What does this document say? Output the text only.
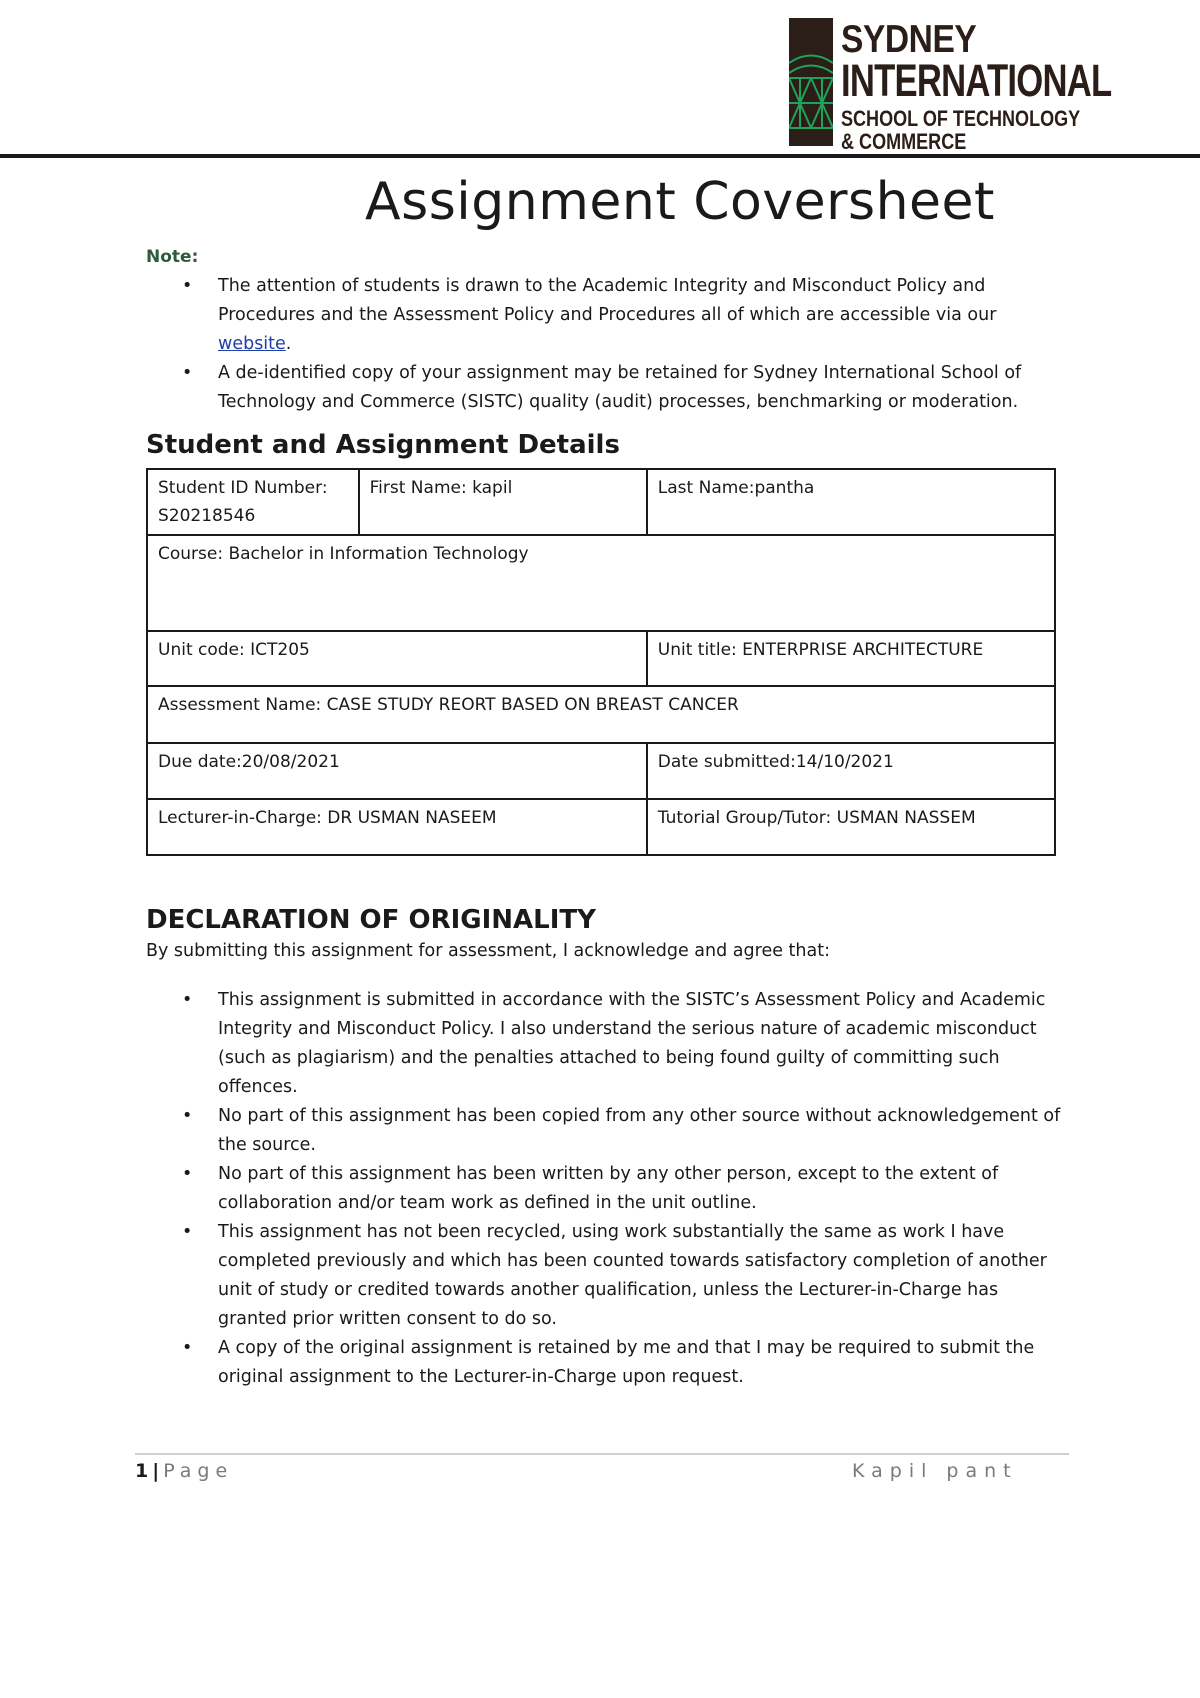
SYDNEY
INTERNATIONAL
SCHOOL OF TECHNOLOGY
& COMMERCE
Assignment Coversheet
Note:
• The attention of students is drawn to the Academic Integrity and Misconduct Policy and Procedures and the Assessment Policy and Procedures all of which are accessible via our website.
• A de-identified copy of your assignment may be retained for Sydney International School of Technology and Commerce (SISTC) quality (audit) processes, benchmarking or moderation.
Student and Assignment Details
Student ID Number: S20218546	First Name: kapil	Last Name:pantha
Course: Bachelor in Information Technology		
Unit code: ICT205		Unit title: ENTERPRISE ARCHITECTURE
Assessment Name: CASE STUDY REORT BASED ON BREAST CANCER		
Due date:20/08/2021		Date submitted:14/10/2021
Lecturer-in-Charge: DR USMAN NASEEM		Tutorial Group/Tutor: USMAN NASSEM
DECLARATION OF ORIGINALITY
By submitting this assignment for assessment, I acknowledge and agree that:
• This assignment is submitted in accordance with the SISTC’s Assessment Policy and Academic Integrity and Misconduct Policy. I also understand the serious nature of academic misconduct (such as plagiarism) and the penalties attached to being found guilty of committing such offences.
• No part of this assignment has been copied from any other source without acknowledgement of the source.
• No part of this assignment has been written by any other person, except to the extent of collaboration and/or team work as defined in the unit outline.
• This assignment has not been recycled, using work substantially the same as work I have completed previously and which has been counted towards satisfactory completion of another unit of study or credited towards another qualification, unless the Lecturer-in-Charge has granted prior written consent to do so.
• A copy of the original assignment is retained by me and that I may be required to submit the original assignment to the Lecturer-in-Charge upon request.
1 | Page	Kapil pant
